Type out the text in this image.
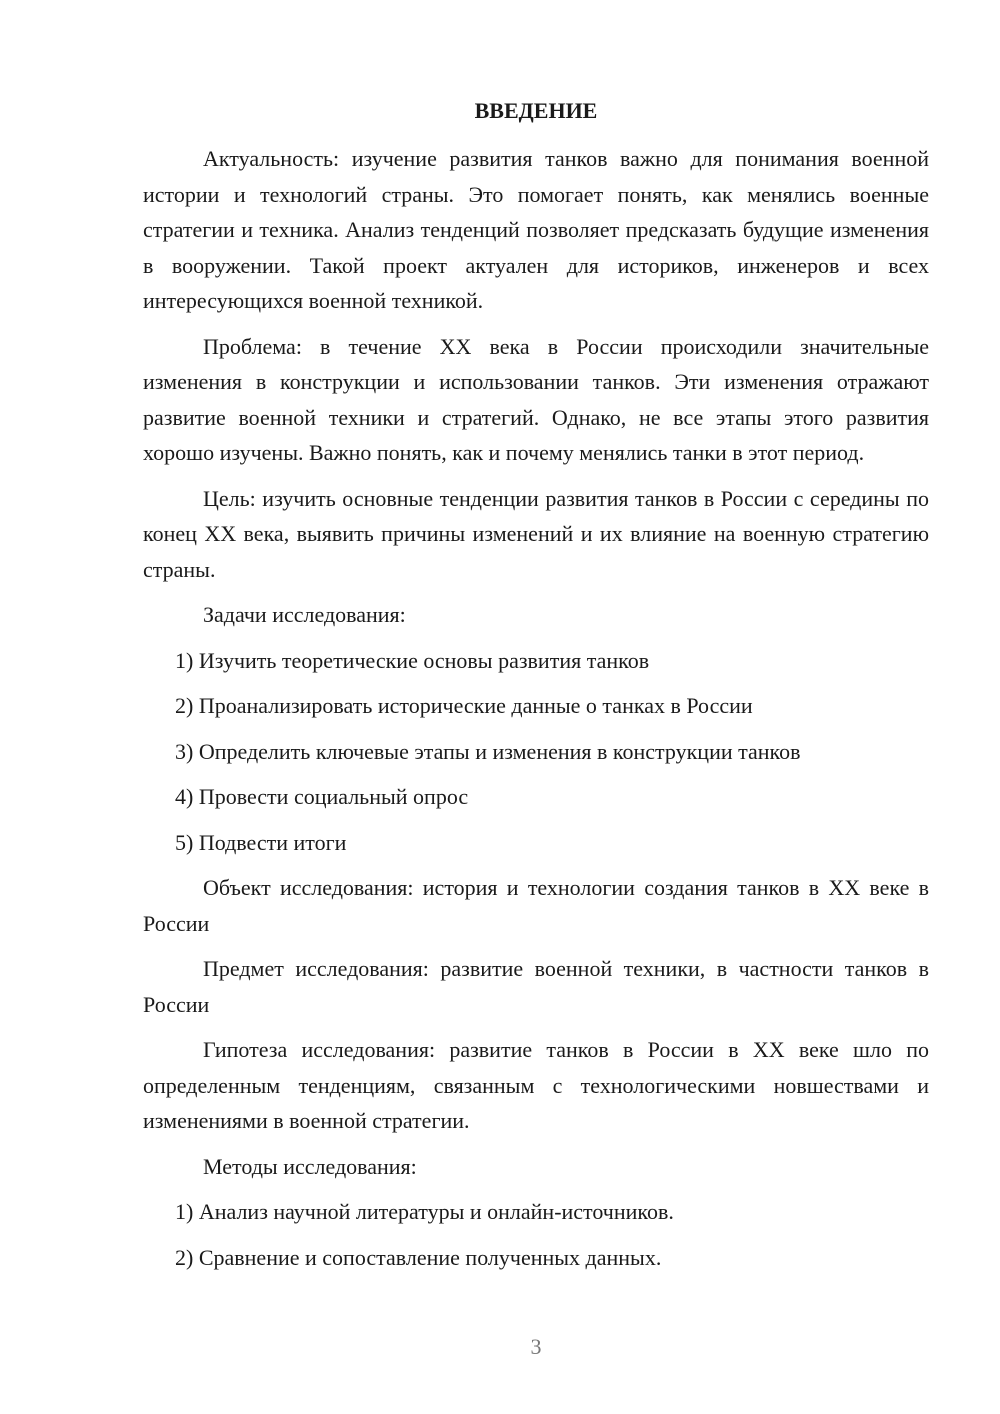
ВВЕДЕНИЕ

Актуальность: изучение развития танков важно для понимания военной истории и технологий страны. Это помогает понять, как менялись военные стратегии и техника. Анализ тенденций позволяет предсказать будущие изменения в вооружении. Такой проект актуален для историков, инженеров и всех интересующихся военной техникой.

Проблема: в течение XX века в России происходили значительные изменения в конструкции и использовании танков. Эти изменения отражают развитие военной техники и стратегий. Однако, не все этапы этого развития хорошо изучены. Важно понять, как и почему менялись танки в этот период.

Цель: изучить основные тенденции развития танков в России с середины по конец XX века, выявить причины изменений и их влияние на военную стратегию страны.

Задачи исследования:

1) Изучить теоретические основы развития танков

2) Проанализировать исторические данные о танках в России

3) Определить ключевые этапы и изменения в конструкции танков

4) Провести социальный опрос

5) Подвести итоги

Объект исследования: история и технологии создания танков в XX веке в России

Предмет исследования: развитие военной техники, в частности танков в России

Гипотеза исследования: развитие танков в России в XX веке шло по определенным тенденциям, связанным с технологическими новшествами и изменениями в военной стратегии.

Методы исследования:

1) Анализ научной литературы и онлайн-источников.

2) Сравнение и сопоставление полученных данных.

3
